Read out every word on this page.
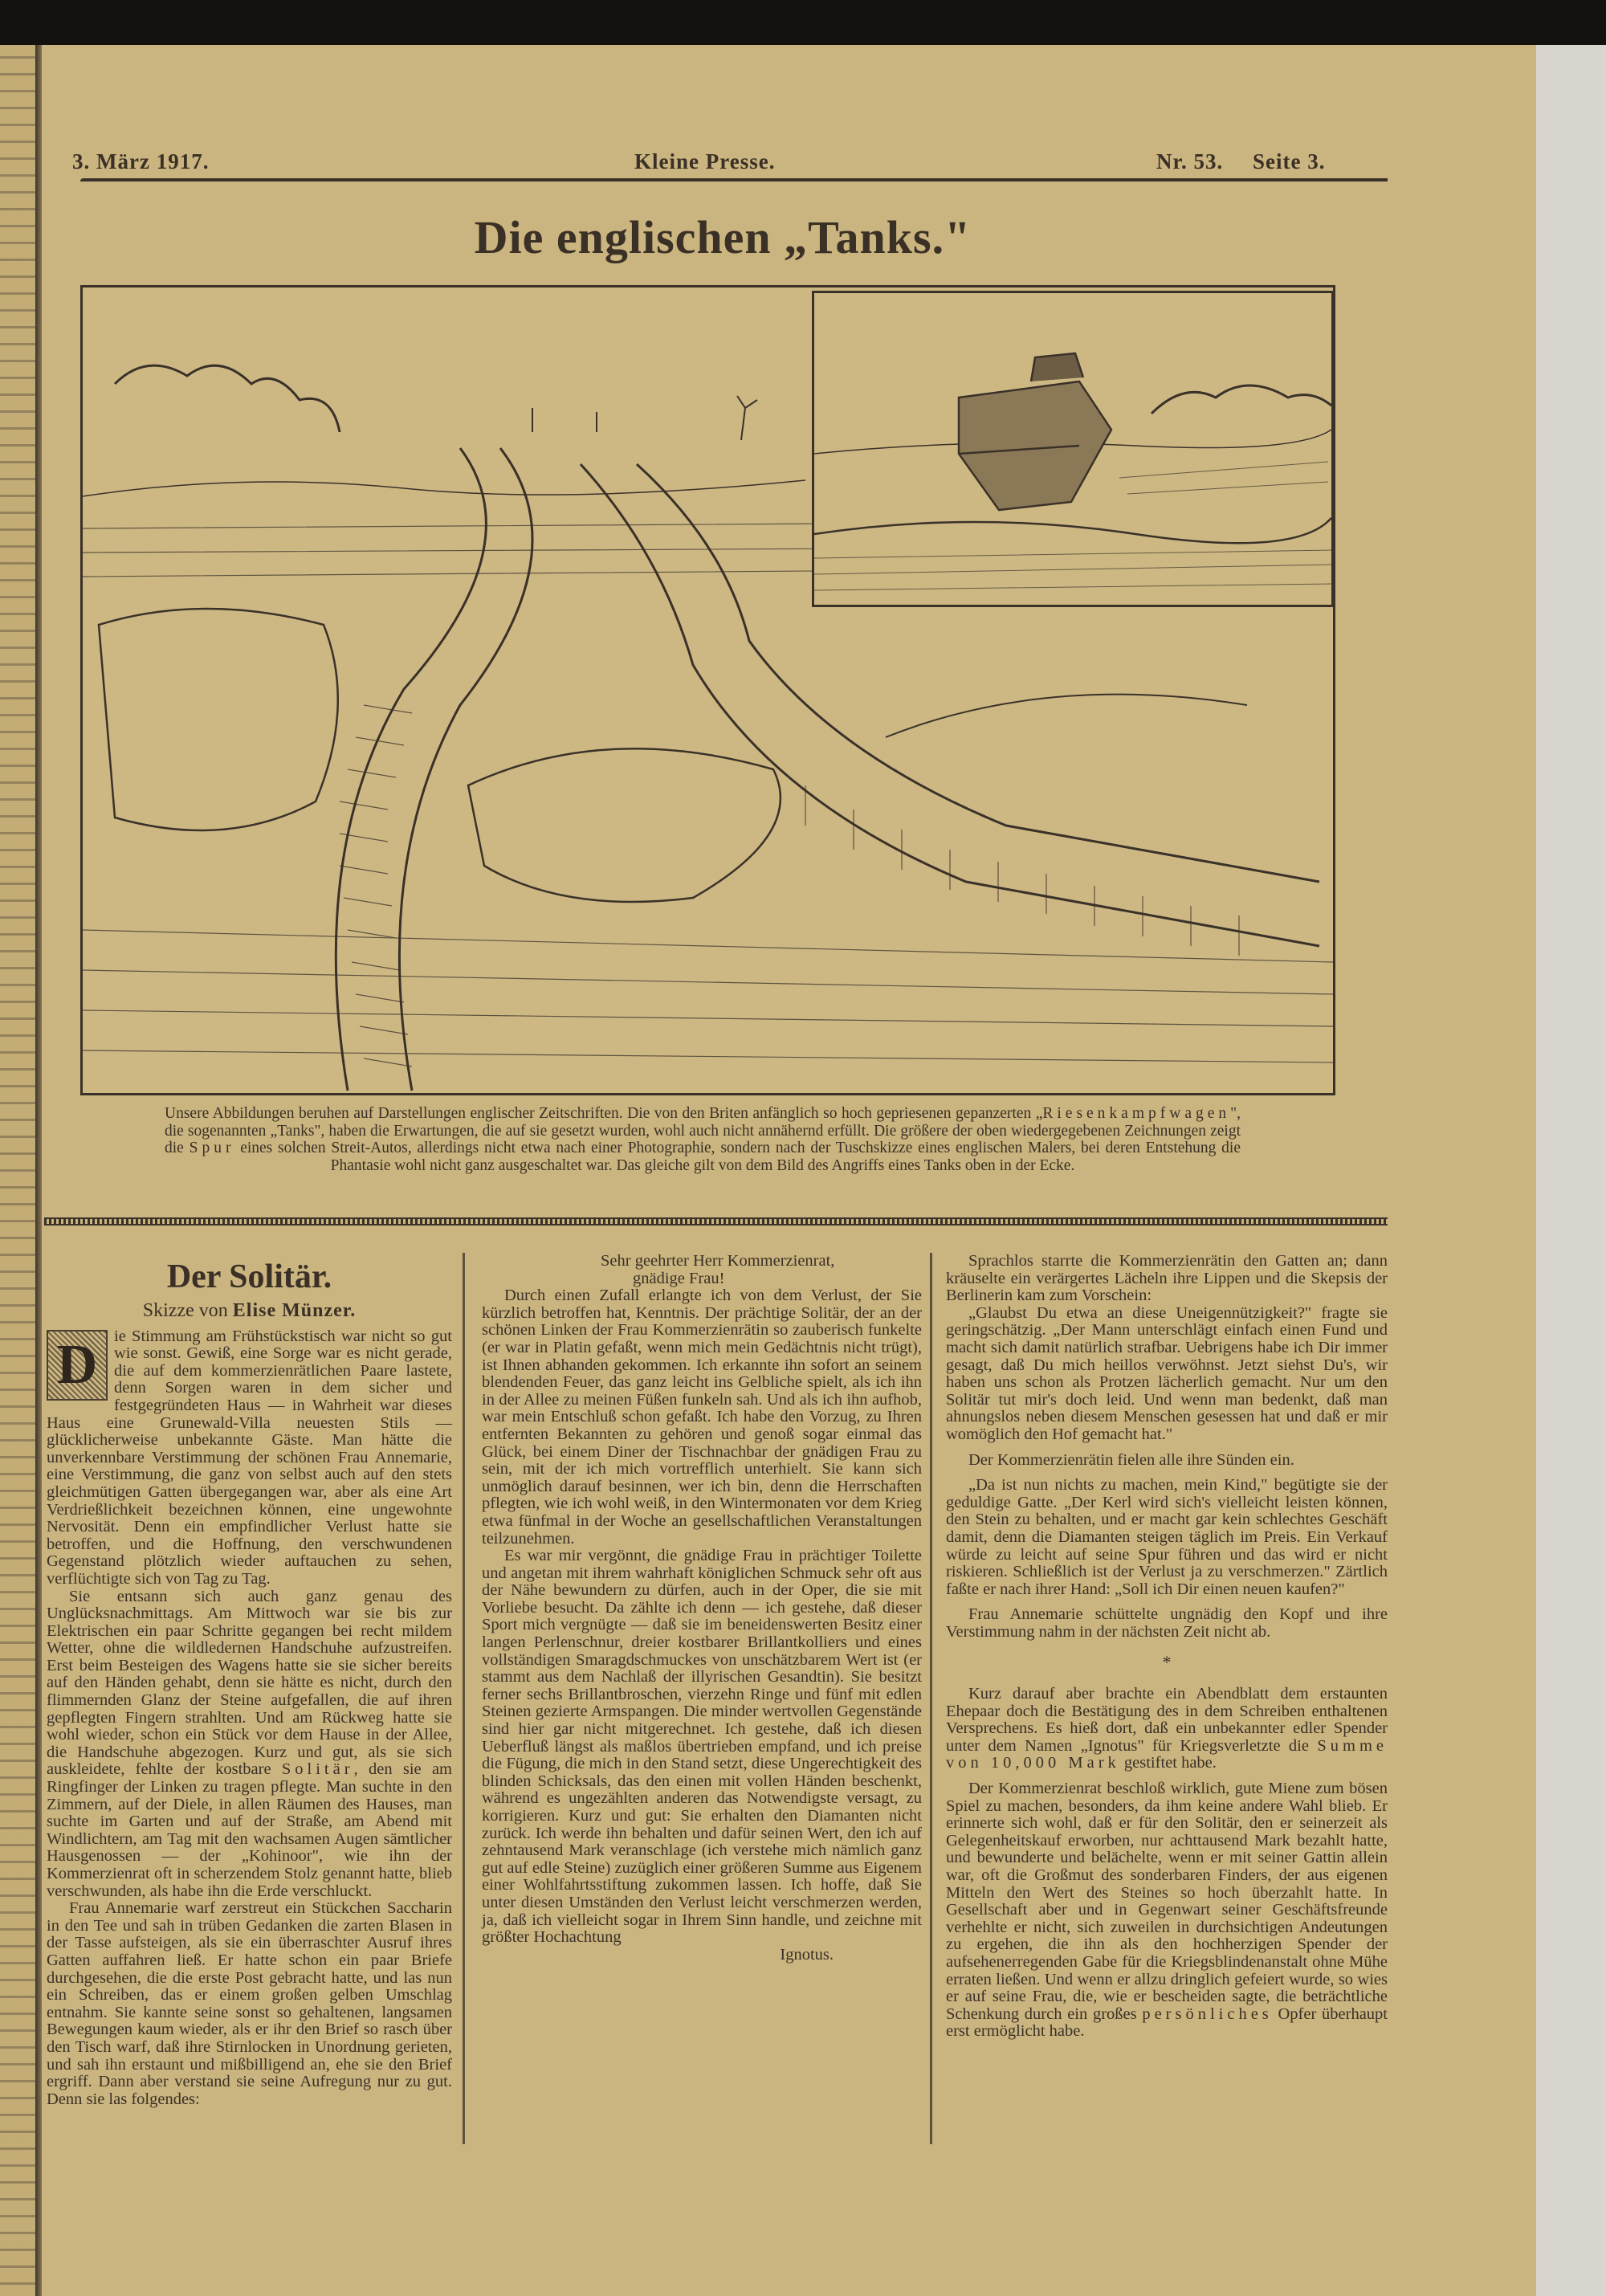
3. März 1917.	Kleine Presse.	Nr. 53. Seite 3.
Die englischen „Tanks."
Unsere Abbildungen beruhen auf Darstellungen englischer Zeitschriften. Die von den Briten anfänglich so hoch gepriesenen gepanzerten „Riesenkampfwagen", die sogenannten „Tanks", haben die Erwartungen, die auf sie gesetzt wurden, wohl auch nicht annähernd erfüllt. Die größere der oben wiedergegebenen Zeichnungen zeigt die Spur eines solchen Streit-Autos, allerdings nicht etwa nach einer Photographie, sondern nach der Tuschskizze eines englischen Malers, bei deren Entstehung die Phantasie wohl nicht ganz ausgeschaltet war. Das gleiche gilt von dem Bild des Angriffs eines Tanks oben in der Ecke.
Der Solitär.
Skizze von Elise Münzer.

D	ie Stimmung am Frühstückstisch war nicht so gut wie sonst. Gewiß, eine Sorge war es nicht gerade, die auf dem kommerzienrätlichen Paare lastete, denn Sorgen waren in dem sicher und festgegründeten Haus — in Wahrheit war dieses Haus eine Grunewald-Villa neuesten Stils — glücklicherweise unbekannte Gäste. Man hätte die unverkennbare Verstimmung der schönen Frau Annemarie, eine Verstimmung, die ganz von selbst auch auf den stets gleichmütigen Gatten übergegangen war, aber als eine Art Verdrießlichkeit bezeichnen können, eine ungewohnte Nervosität. Denn ein empfindlicher Verlust hatte sie betroffen, und die Hoffnung, den verschwundenen Gegenstand plötzlich wieder auftauchen zu sehen, verflüchtigte sich von Tag zu Tag.

Sie entsann sich auch ganz genau des Unglücksnachmittags. Am Mittwoch war sie bis zur Elektrischen ein paar Schritte gegangen bei recht mildem Wetter, ohne die wildledernen Handschuhe aufzustreifen. Erst beim Besteigen des Wagens hatte sie sie sicher bereits auf den Händen gehabt, denn sie hätte es nicht, durch den flimmernden Glanz der Steine aufgefallen, die auf ihren gepflegten Fingern strahlten. Und am Rückweg hatte sie wohl wieder, schon ein Stück vor dem Hause in der Allee, die Handschuhe abgezogen. Kurz und gut, als sie sich auskleidete, fehlte der kostbare Solitär, den sie am Ringfinger der Linken zu tragen pflegte. Man suchte in den Zimmern, auf der Diele, in allen Räumen des Hauses, man suchte im Garten und auf der Straße, am Abend mit Windlichtern, am Tag mit den wachsamen Augen sämtlicher Hausgenossen — der „Kohinoor", wie ihn der Kommerzienrat oft in scherzendem Stolz genannt hatte, blieb verschwunden, als habe ihn die Erde verschluckt.

Frau Annemarie warf zerstreut ein Stückchen Saccharin in den Tee und sah in trüben Gedanken die zarten Blasen in der Tasse aufsteigen, als sie ein überraschter Ausruf ihres Gatten auffahren ließ. Er hatte schon ein paar Briefe durchgesehen, die die erste Post gebracht hatte, und las nun ein Schreiben, das er einem großen gelben Umschlag entnahm. Sie kannte seine sonst so gehaltenen, langsamen Bewegungen kaum wieder, als er ihr den Brief so rasch über den Tisch warf, daß ihre Stirnlocken in Unordnung gerieten, und sah ihn erstaunt und mißbilligend an, ehe sie den Brief ergriff. Dann aber verstand sie seine Aufregung nur zu gut. Denn sie las folgendes:

Sehr geehrter Herr Kommerzienrat,

gnädige Frau!

Durch einen Zufall erlangte ich von dem Verlust, der Sie kürzlich betroffen hat, Kenntnis. Der prächtige Solitär, der an der schönen Linken der Frau Kommerzienrätin so zauberisch funkelte (er war in Platin gefaßt, wenn mich mein Gedächtnis nicht trügt), ist Ihnen abhanden gekommen. Ich erkannte ihn sofort an seinem blendenden Feuer, das ganz leicht ins Gelbliche spielt, als ich ihn in der Allee zu meinen Füßen funkeln sah. Und als ich ihn aufhob, war mein Entschluß schon gefaßt. Ich habe den Vorzug, zu Ihren entfernten Bekannten zu gehören und genoß sogar einmal das Glück, bei einem Diner der Tischnachbar der gnädigen Frau zu sein, mit der ich mich vortrefflich unterhielt. Sie kann sich unmöglich darauf besinnen, wer ich bin, denn die Herrschaften pflegten, wie ich wohl weiß, in den Wintermonaten vor dem Krieg etwa fünfmal in der Woche an gesellschaftlichen Veranstaltungen teilzunehmen.

Es war mir vergönnt, die gnädige Frau in prächtiger Toilette und angetan mit ihrem wahrhaft königlichen Schmuck sehr oft aus der Nähe bewundern zu dürfen, auch in der Oper, die sie mit Vorliebe besucht. Da zählte ich denn — ich gestehe, daß dieser Sport mich vergnügte — daß sie im beneidenswerten Besitz einer langen Perlenschnur, dreier kostbarer Brillantkolliers und eines vollständigen Smaragdschmuckes von unschätzbarem Wert ist (er stammt aus dem Nachlaß der illyrischen Gesandtin). Sie besitzt ferner sechs Brillantbroschen, vierzehn Ringe und fünf mit edlen Steinen gezierte Armspangen. Die minder wertvollen Gegenstände sind hier gar nicht mitgerechnet. Ich gestehe, daß ich diesen Ueberfluß längst als maßlos übertrieben empfand, und ich preise die Fügung, die mich in den Stand setzt, diese Ungerechtigkeit des blinden Schicksals, das den einen mit vollen Händen beschenkt, während es ungezählten anderen das Notwendigste versagt, zu korrigieren. Kurz und gut: Sie erhalten den Diamanten nicht zurück. Ich werde ihn behalten und dafür seinen Wert, den ich auf zehntausend Mark veranschlage (ich verstehe mich nämlich ganz gut auf edle Steine) zuzüglich einer größeren Summe aus Eigenem einer Wohlfahrtsstiftung zukommen lassen. Ich hoffe, daß Sie unter diesen Umständen den Verlust leicht verschmerzen werden, ja, daß ich vielleicht sogar in Ihrem Sinn handle, und zeichne mit größter Hochachtung

Ignotus.

Sprachlos starrte die Kommerzienrätin den Gatten an; dann kräuselte ein verärgertes Lächeln ihre Lippen und die Skepsis der Berlinerin kam zum Vorschein:

„Glaubst Du etwa an diese Uneigennützigkeit?" fragte sie geringschätzig. „Der Mann unterschlägt einfach einen Fund und macht sich damit natürlich strafbar. Uebrigens habe ich Dir immer gesagt, daß Du mich heillos verwöhnst. Jetzt siehst Du's, wir haben uns schon als Protzen lächerlich gemacht. Nur um den Solitär tut mir's doch leid. Und wenn man bedenkt, daß man ahnungslos neben diesem Menschen gesessen hat und daß er mir womöglich den Hof gemacht hat."

Der Kommerzienrätin fielen alle ihre Sünden ein.

„Da ist nun nichts zu machen, mein Kind," begütigte sie der geduldige Gatte. „Der Kerl wird sich's vielleicht leisten können, den Stein zu behalten, und er macht gar kein schlechtes Geschäft damit, denn die Diamanten steigen täglich im Preis. Ein Verkauf würde zu leicht auf seine Spur führen und das wird er nicht riskieren. Schließlich ist der Verlust ja zu verschmerzen." Zärtlich faßte er nach ihrer Hand: „Soll ich Dir einen neuen kaufen?"

Frau Annemarie schüttelte ungnädig den Kopf und ihre Verstimmung nahm in der nächsten Zeit nicht ab.

*

Kurz darauf aber brachte ein Abendblatt dem erstaunten Ehepaar doch die Bestätigung des in dem Schreiben enthaltenen Versprechens. Es hieß dort, daß ein unbekannter edler Spender unter dem Namen „Ignotus" für Kriegsverletzte die Summe von 10,000 Mark gestiftet habe.

Der Kommerzienrat beschloß wirklich, gute Miene zum bösen Spiel zu machen, besonders, da ihm keine andere Wahl blieb. Er erinnerte sich wohl, daß er für den Solitär, den er seinerzeit als Gelegenheitskauf erworben, nur achttausend Mark bezahlt hatte, und bewunderte und belächelte, wenn er mit seiner Gattin allein war, oft die Großmut des sonderbaren Finders, der aus eigenen Mitteln den Wert des Steines so hoch überzahlt hatte. In Gesellschaft aber und in Gegenwart seiner Geschäftsfreunde verhehlte er nicht, sich zuweilen in durchsichtigen Andeutungen zu ergehen, die ihn als den hochherzigen Spender der aufsehenerregenden Gabe für die Kriegsblindenanstalt ohne Mühe erraten ließen. Und wenn er allzu dringlich gefeiert wurde, so wies er auf seine Frau, die, wie er bescheiden sagte, die beträchtliche Schenkung durch ein großes persönliches Opfer überhaupt erst ermöglicht habe.
